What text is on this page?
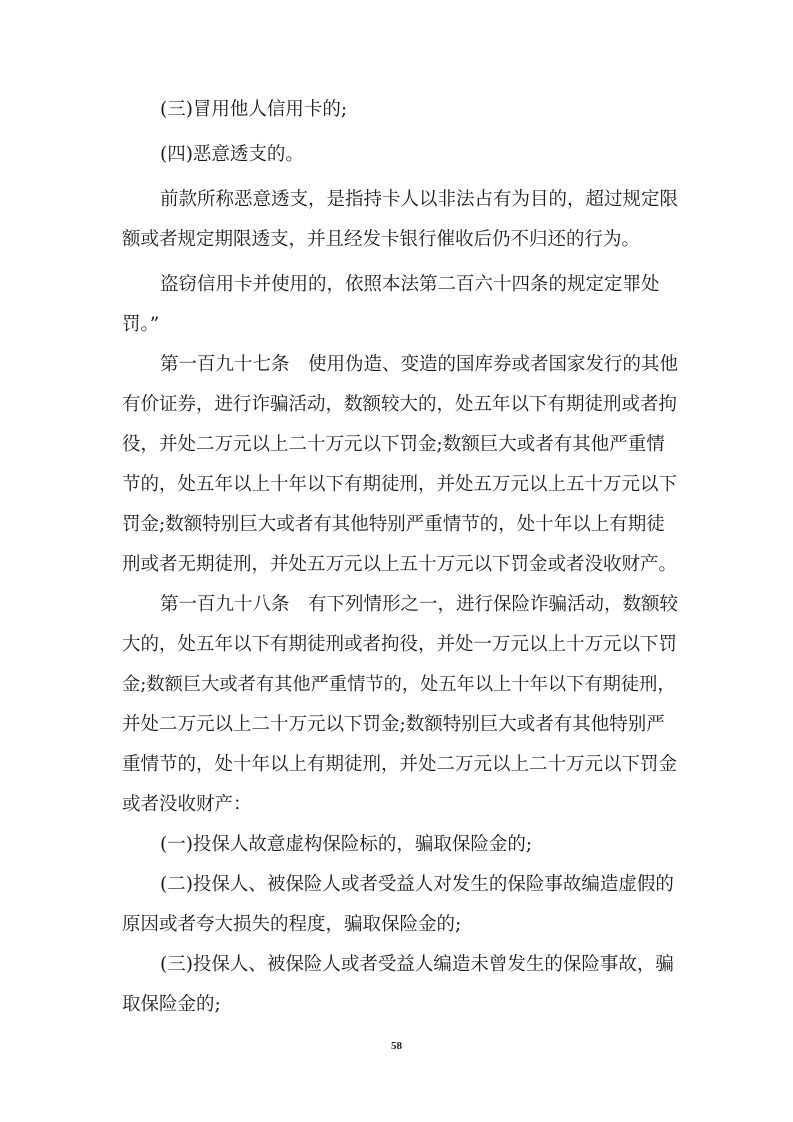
(三)冒用他人信用卡的;
(四)恶意透支的。
前款所称恶意透支，是指持卡人以非法占有为目的，超过规定限
额或者规定期限透支，并且经发卡银行催收后仍不归还的行为。
盗窃信用卡并使用的，依照本法第二百六十四条的规定定罪处
罚。”
第一百九十七条　使用伪造、变造的国库券或者国家发行的其他
有价证券，进行诈骗活动，数额较大的，处五年以下有期徒刑或者拘
役，并处二万元以上二十万元以下罚金;数额巨大或者有其他严重情
节的，处五年以上十年以下有期徒刑，并处五万元以上五十万元以下
罚金;数额特别巨大或者有其他特别严重情节的，处十年以上有期徒
刑或者无期徒刑，并处五万元以上五十万元以下罚金或者没收财产。
第一百九十八条　有下列情形之一，进行保险诈骗活动，数额较
大的，处五年以下有期徒刑或者拘役，并处一万元以上十万元以下罚
金;数额巨大或者有其他严重情节的，处五年以上十年以下有期徒刑，
并处二万元以上二十万元以下罚金;数额特别巨大或者有其他特别严
重情节的，处十年以上有期徒刑，并处二万元以上二十万元以下罚金
或者没收财产：
(一)投保人故意虚构保险标的，骗取保险金的;
(二)投保人、被保险人或者受益人对发生的保险事故编造虚假的
原因或者夸大损失的程度，骗取保险金的;
(三)投保人、被保险人或者受益人编造未曾发生的保险事故，骗
取保险金的;
58
